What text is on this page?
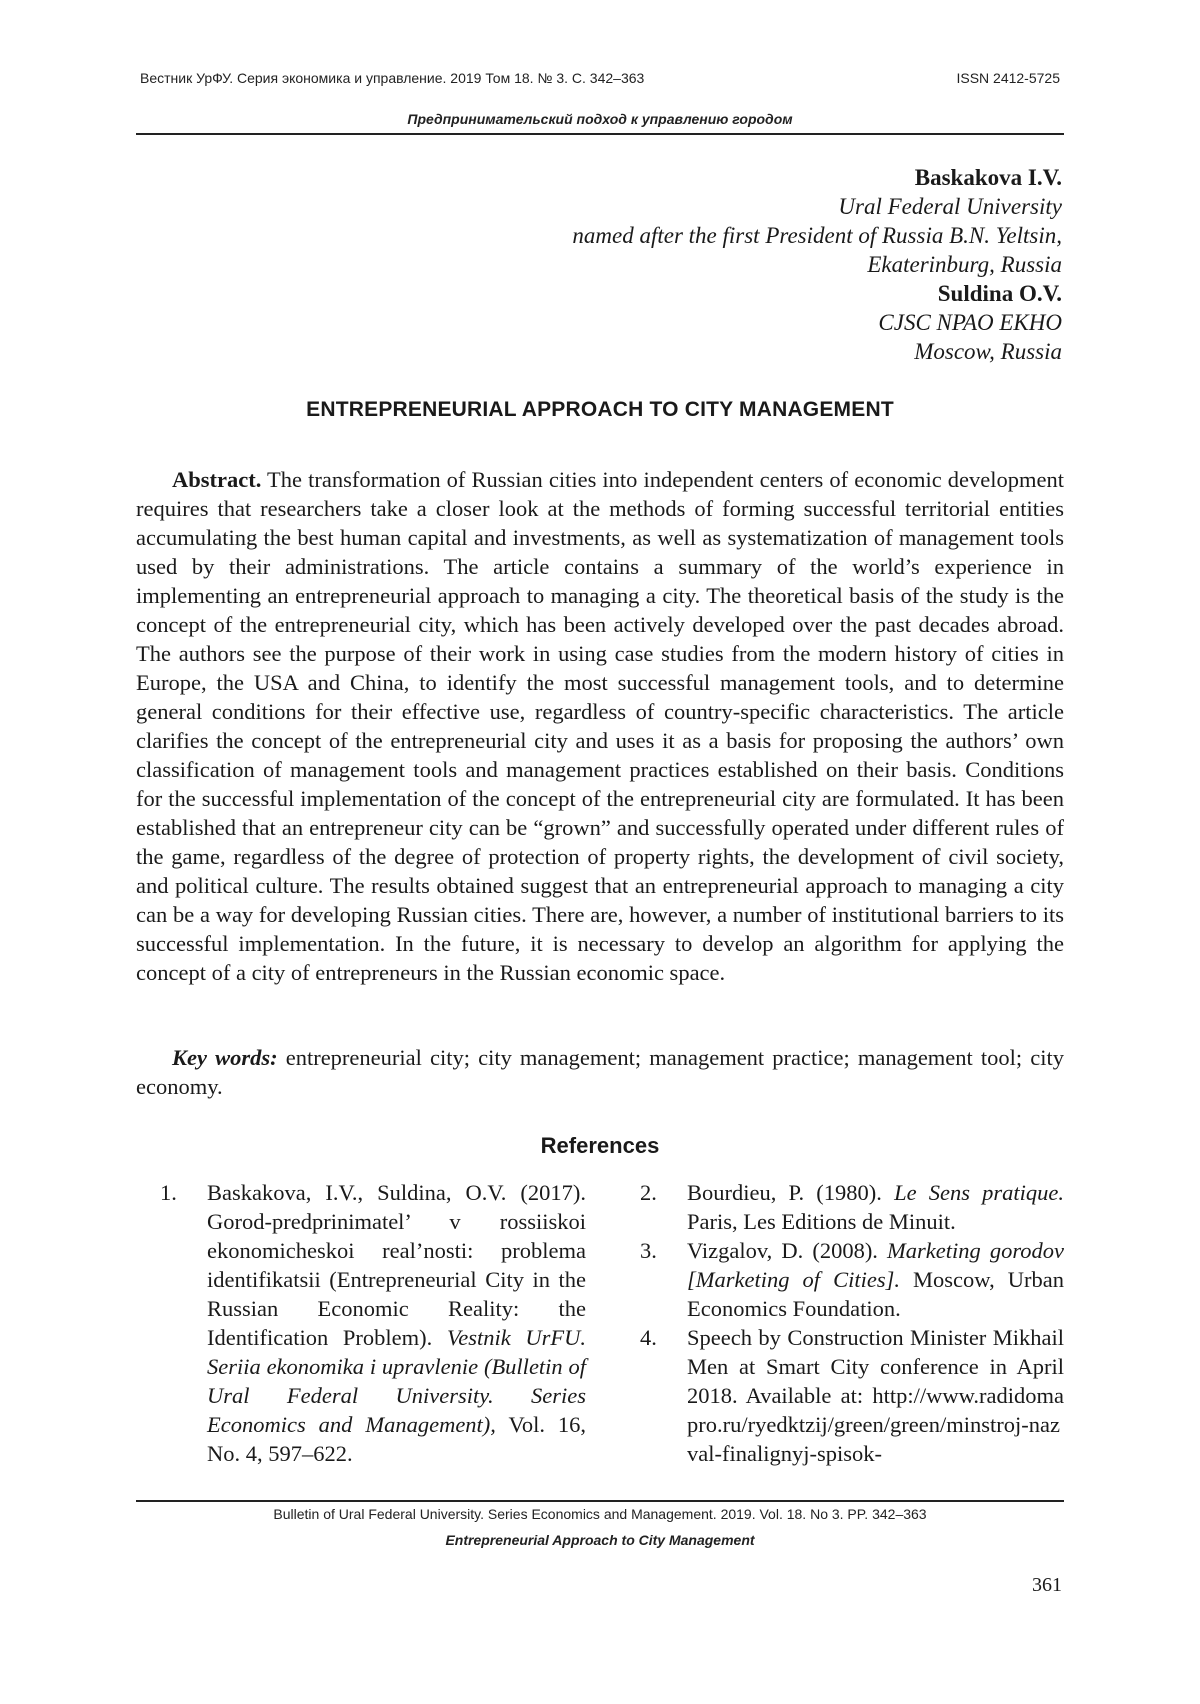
Вестник УрФУ. Серия экономика и управление. 2019 Том 18. № 3. С. 342–363	ISSN 2412-5725
Предпринимательский подход к управлению городом
Baskakova I.V.
Ural Federal University
named after the first President of Russia B.N. Yeltsin,
Ekaterinburg, Russia
Suldina O.V.
CJSC NPAO EKHO
Moscow, Russia
ENTREPRENEURIAL APPROACH TO CITY MANAGEMENT

Abstract. The transformation of Russian cities into independent centers of economic development requires that researchers take a closer look at the methods of forming successful territorial entities accumulating the best human capital and investments, as well as systematization of management tools used by their administrations. The article contains a summary of the world’s experience in implementing an entrepreneurial approach to managing a city. The theoretical basis of the study is the concept of the entrepreneurial city, which has been actively developed over the past decades abroad. The authors see the purpose of their work in using case studies from the modern history of cities in Europe, the USA and China, to identify the most successful management tools, and to determine general conditions for their effective use, regardless of country-specific characteristics. The article clarifies the concept of the entrepreneurial city and uses it as a basis for proposing the authors’ own classification of management tools and management practices established on their basis. Conditions for the successful implementation of the concept of the entrepreneurial city are formulated. It has been established that an entrepreneur city can be “grown” and successfully operated under different rules of the game, regardless of the degree of protection of property rights, the development of civil society, and political culture. The results obtained suggest that an entrepreneurial approach to managing a city can be a way for developing Russian cities. There are, however, a number of institutional barriers to its successful implementation. In the future, it is necessary to develop an algorithm for applying the concept of a city of entrepreneurs in the Russian economic space.

Key words: entrepreneurial city; city management; management practice; management tool; city economy.

References
1.	Baskakova, I.V., Suldina, O.V. (2017). Gorod-predprinimatel’ v rossiiskoi ekonomicheskoi real’nosti: problema identifikatsii (Entrepreneurial City in the Russian Economic Reality: the Identification Problem). Vestnik UrFU. Seriia ekonomika i upravlenie (Bulletin of Ural Federal University. Series Economics and Management), Vol. 16, No. 4, 597–622.
2.	Bourdieu, P. (1980). Le Sens pratique. Paris, Les Editions de Minuit.
3.	Vizgalov, D. (2008). Marketing gorodov [Marketing of Cities]. Moscow, Urban Economics Foundation.
4.	Speech by Construction Minister Mikhail Men at Smart City conference in April 2018. Available at: http://www.radidomapro.ru/ryedktzij/green/green/minstroj-nazval-finalignyj-spisok-
Bulletin of Ural Federal University. Series Economics and Management. 2019. Vol. 18. No 3. PP. 342–363
Entrepreneurial Approach to City Management
361
